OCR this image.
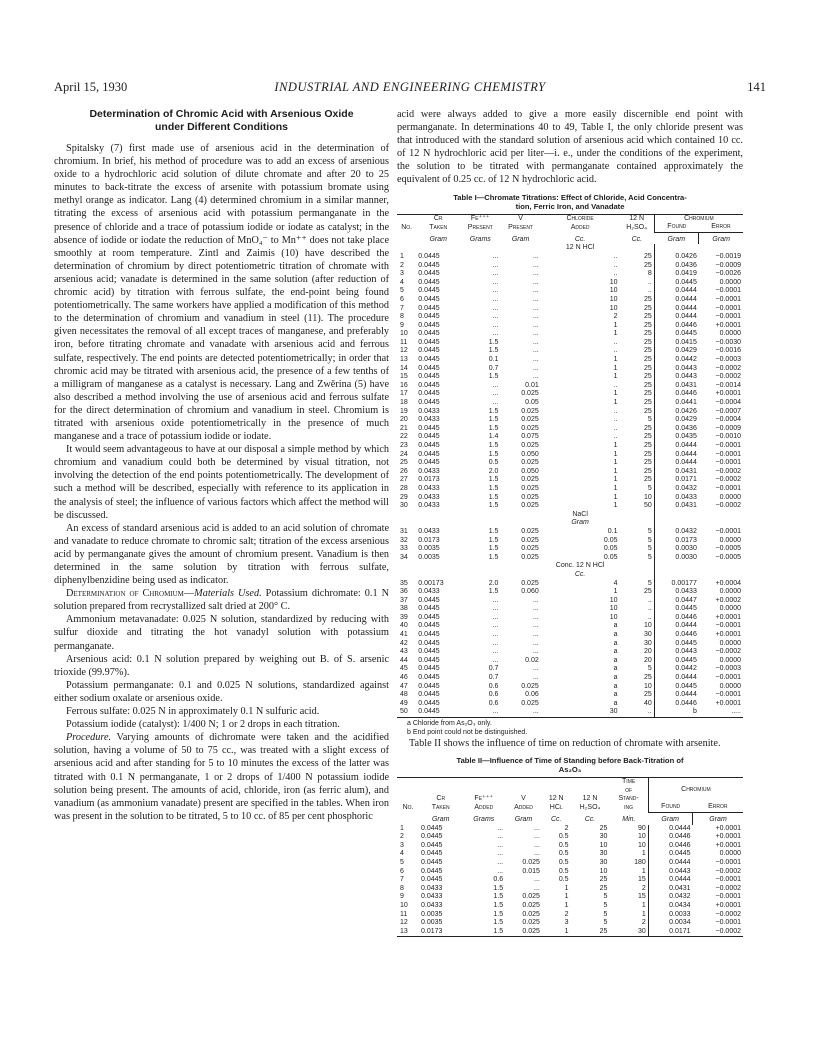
April 15, 1930	INDUSTRIAL AND ENGINEERING CHEMISTRY	141
Determination of Chromic Acid with Arsenious Oxide
under Different Conditions

Spitalsky (7) first made use of arsenious acid in the determination of chromium. In brief, his method of procedure was to add an excess of arsenious oxide to a hydrochloric acid solution of dilute chromate and after 20 to 25 minutes to back-titrate the excess of arsenite with potassium bromate using methyl orange as indicator. Lang (4) determined chromium in a similar manner, titrating the excess of arsenious acid with potassium permanganate in the presence of chloride and a trace of potassium iodide or iodate as catalyst; in the absence of iodide or iodate the reduction of MnO₄⁻ to Mn⁺⁺ does not take place smoothly at room temperature. Zintl and Zaimis (10) have described the determination of chromium by direct potentiometric titration of chromate with arsenious acid; vanadate is determined in the same solution (after reduction of chromic acid) by titration with ferrous sulfate, the end-point being found potentiometrically. The same workers have applied a modification of this method to the determination of chromium and vanadium in steel (11). The procedure given necessitates the removal of all except traces of manganese, and preferably iron, before titrating chromate and vanadate with arsenious acid and ferrous sulfate, respectively. The end points are detected potentiometrically; in order that chromic acid may be titrated with arsenious acid, the presence of a few tenths of a milligram of manganese as a catalyst is necessary. Lang and Zwěrina (5) have also described a method involving the use of arsenious acid and ferrous sulfate for the direct determination of chromium and vanadium in steel. Chromium is titrated with arsenious oxide potentiometrically in the presence of much manganese and a trace of potassium iodide or iodate.

It would seem advantageous to have at our disposal a simple method by which chromium and vanadium could both be determined by visual titration, not involving the detection of the end points potentiometrically. The development of such a method will be described, especially with reference to its application in the analysis of steel; the influence of various factors which affect the method will be discussed.

An excess of standard arsenious acid is added to an acid solution of chromate and vanadate to reduce chromate to chromic salt; titration of the excess arsenious acid by permanganate gives the amount of chromium present. Vanadium is then determined in the same solution by titration with ferrous sulfate, diphenylbenzidine being used as indicator.

Determination of Chromium—Materials Used. Potassium dichromate: 0.1 N solution prepared from recrystallized salt dried at 200° C.

Ammonium metavanadate: 0.025 N solution, standardized by reducing with sulfur dioxide and titrating the hot vanadyl solution with potassium permanganate.

Arsenious acid: 0.1 N solution prepared by weighing out B. of S. arsenic trioxide (99.97%).

Potassium permanganate: 0.1 and 0.025 N solutions, standardized against either sodium oxalate or arsenious oxide.

Ferrous sulfate: 0.025 N in approximately 0.1 N sulfuric acid.

Potassium iodide (catalyst): 1/400 N; 1 or 2 drops in each titration.

Procedure. Varying amounts of dichromate were taken and the acidified solution, having a volume of 50 to 75 cc., was treated with a slight excess of arsenious acid and after standing for 5 to 10 minutes the excess of the latter was titrated with 0.1 N permanganate, 1 or 2 drops of 1/400 N potassium iodide solution being present. The amounts of acid, chloride, iron (as ferric alum), and vanadium (as ammonium vanadate) present are specified in the tables. When iron was present in the solution to be titrated, 5 to 10 cc. of 85 per cent phosphoric

acid were always added to give a more easily discernible end point with permanganate. In determinations 40 to 49, Table I, the only chloride present was that introduced with the standard solution of arsenious acid which contained 10 cc. of 12 N hydrochloric acid per liter—i. e., under the conditions of the experiment, the solution to be titrated with permanganate contained approximately the equivalent of 0.25 cc. of 12 N hydrochloric acid.

Table I—Chromate Titrations: Effect of Chloride, Acid Concentra-
tion, Ferric Iron, and Vanadate
No.	Cr
Taken	Fe⁺⁺⁺
Present	V
Present	Chloride
Added	12 N
H₂SO₄	Chromium	
						Found	Error
	Gram	Grams	Gram	Cc.	Cc.	Gram	Gram

				12 N HCl			

1	0.0445	...	...	..	25	0.0426	−0.0019
2	0.0445	...	...	..	25	0.0436	−0.0009
3	0.0445	...	...	..	8	0.0419	−0.0026
4	0.0445	...	...	10	..	0.0445	0.0000
5	0.0445	...	...	10	..	0.0444	−0.0001
6	0.0445	...	...	10	25	0.0444	−0.0001
7	0.0445	...	...	10	25	0.0444	−0.0001
8	0.0445	...	...	2	25	0.0444	−0.0001
9	0.0445	...	...	1	25	0.0446	+0.0001
10	0.0445	...	...	1	25	0.0445	0.0000
11	0.0445	1.5	...	..	25	0.0415	−0.0030
12	0.0445	1.5	...	..	25	0.0429	−0.0016
13	0.0445	0.1	...	1	25	0.0442	−0.0003
14	0.0445	0.7	...	1	25	0.0443	−0.0002
15	0.0445	1.5	...	1	25	0.0443	−0.0002
16	0.0445	...	0.01	..	25	0.0431	−0.0014
17	0.0445	...	0.025	1	25	0.0446	+0.0001
18	0.0445	...	0.05	1	25	0.0441	−0.0004
19	0.0433	1.5	0.025	..	25	0.0426	−0.0007
20	0.0433	1.5	0.025	..	5	0.0429	−0.0004
21	0.0445	1.5	0.025	..	25	0.0436	−0.0009
22	0.0445	1.4	0.075	..	25	0.0435	−0.0010
23	0.0445	1.5	0.025	1	25	0.0444	−0.0001
24	0.0445	1.5	0.050	1	25	0.0444	−0.0001
25	0.0445	0.5	0.025	1	25	0.0444	−0.0001
26	0.0433	2.0	0.050	1	25	0.0431	−0.0002
27	0.0173	1.5	0.025	1	25	0.0171	−0.0002
28	0.0433	1.5	0.025	1	5	0.0432	−0.0001
29	0.0433	1.5	0.025	1	10	0.0433	0.0000
30	0.0433	1.5	0.025	1	50	0.0431	−0.0002

				NaCl
Gram			

31	0.0433	1.5	0.025	0.1	5	0.0432	−0.0001
32	0.0173	1.5	0.025	0.05	5	0.0173	0.0000
33	0.0035	1.5	0.025	0.05	5	0.0030	−0.0005
34	0.0035	1.5	0.025	0.05	5	0.0030	−0.0005

				Conc. 12 N HCl
Cc.			

35	0.00173	2.0	0.025	4	5	0.00177	+0.0004
36	0.0433	1.5	0.060	1	25	0.0433	0.0000
37	0.0445	...	...	10	..	0.0447	+0.0002
38	0.0445	...	...	10	..	0.0445	0.0000
39	0.0445	...	...	10	..	0.0446	+0.0001
40	0.0445	...	...	a	10	0.0444	−0.0001
41	0.0445	...	...	a	30	0.0446	+0.0001
42	0.0445	...	...	a	30	0.0445	0.0000
43	0.0445	...	...	a	20	0.0443	−0.0002
44	0.0445	...	0.02	a	20	0.0445	0.0000
45	0.0445	0.7	...	a	5	0.0442	−0.0003
46	0.0445	0.7	...	a	25	0.0444	−0.0001
47	0.0445	0.6	0.025	a	10	0.0445	0.0000
48	0.0445	0.6	0.06	a	25	0.0444	−0.0001
49	0.0445	0.6	0.025	a	40	0.0446	+0.0001
50	0.0445	...	...	30	..	b	.....
a Chloride from As₂O₃ only.
b End point could not be distinguished.

Table II shows the influence of time on reduction of chromate with arsenite.

Table II—Influence of Time of Standing before Back-Titration of
As₂O₃
No.	Cr
Taken	Fe⁺⁺⁺
Added	V
Added	12 N
HCl	12 N
H₂SO₄	Time
of
Stand-
ing	Chromium	
							Found	Error
	Gram	Grams	Gram	Cc.	Cc.	Min.	Gram	Gram
1	0.0445	...	...	2	25	90	0.0444	+0.0001
2	0.0445	...	...	0.5	30	10	0.0446	+0.0001
3	0.0445	...	...	0.5	10	10	0.0446	+0.0001
4	0.0445	...	...	0.5	30	1	0.0445	0.0000
5	0.0445	...	0.025	0.5	30	180	0.0444	−0.0001
6	0.0445	...	0.015	0.5	10	1	0.0443	−0.0002
7	0.0445	0.6	...	0.5	25	15	0.0444	−0.0001
8	0.0433	1.5	...	1	25	2	0.0431	−0.0002
9	0.0433	1.5	0.025	1	5	15	0.0432	−0.0001
10	0.0433	1.5	0.025	1	5	1	0.0434	+0.0001
11	0.0035	1.5	0.025	2	5	1	0.0033	−0.0002
12	0.0035	1.5	0.025	3	5	2	0.0034	−0.0001
13	0.0173	1.5	0.025	1	25	30	0.0171	−0.0002
